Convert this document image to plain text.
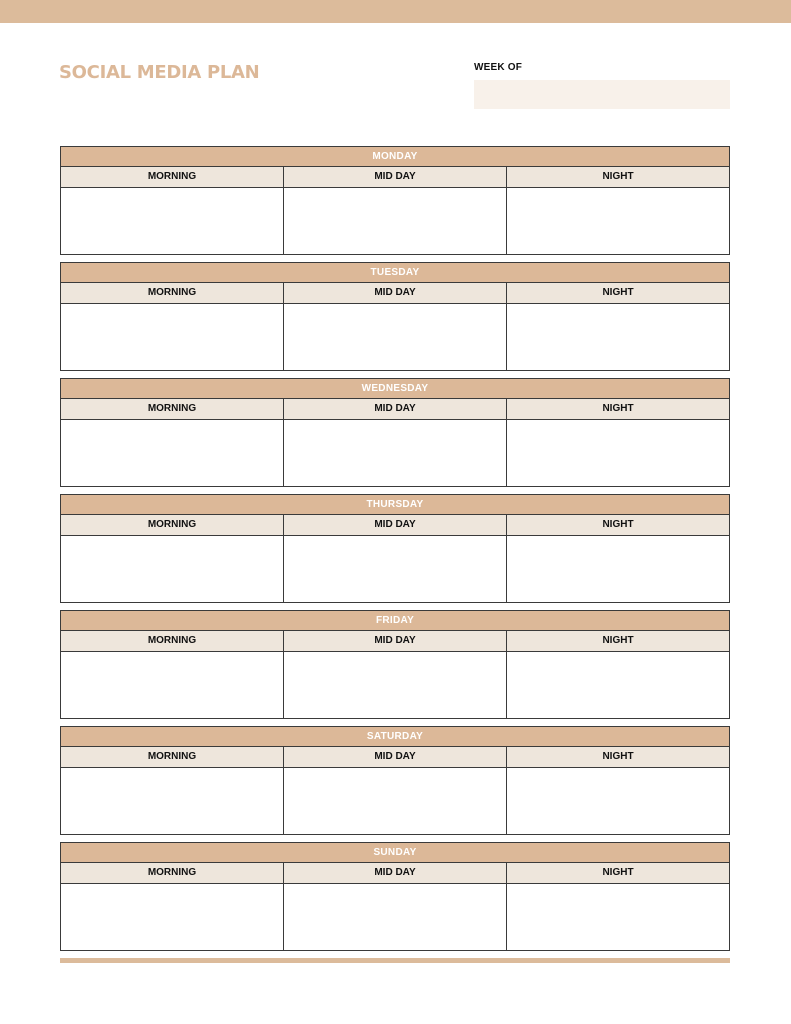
SOCIAL MEDIA PLAN	WEEK OF
MONDAY
MORNING	MID DAY	NIGHT
TUESDAY
MORNING	MID DAY	NIGHT
WEDNESDAY
MORNING	MID DAY	NIGHT
THURSDAY
MORNING	MID DAY	NIGHT
FRIDAY
MORNING	MID DAY	NIGHT
SATURDAY
MORNING	MID DAY	NIGHT
SUNDAY
MORNING	MID DAY	NIGHT
